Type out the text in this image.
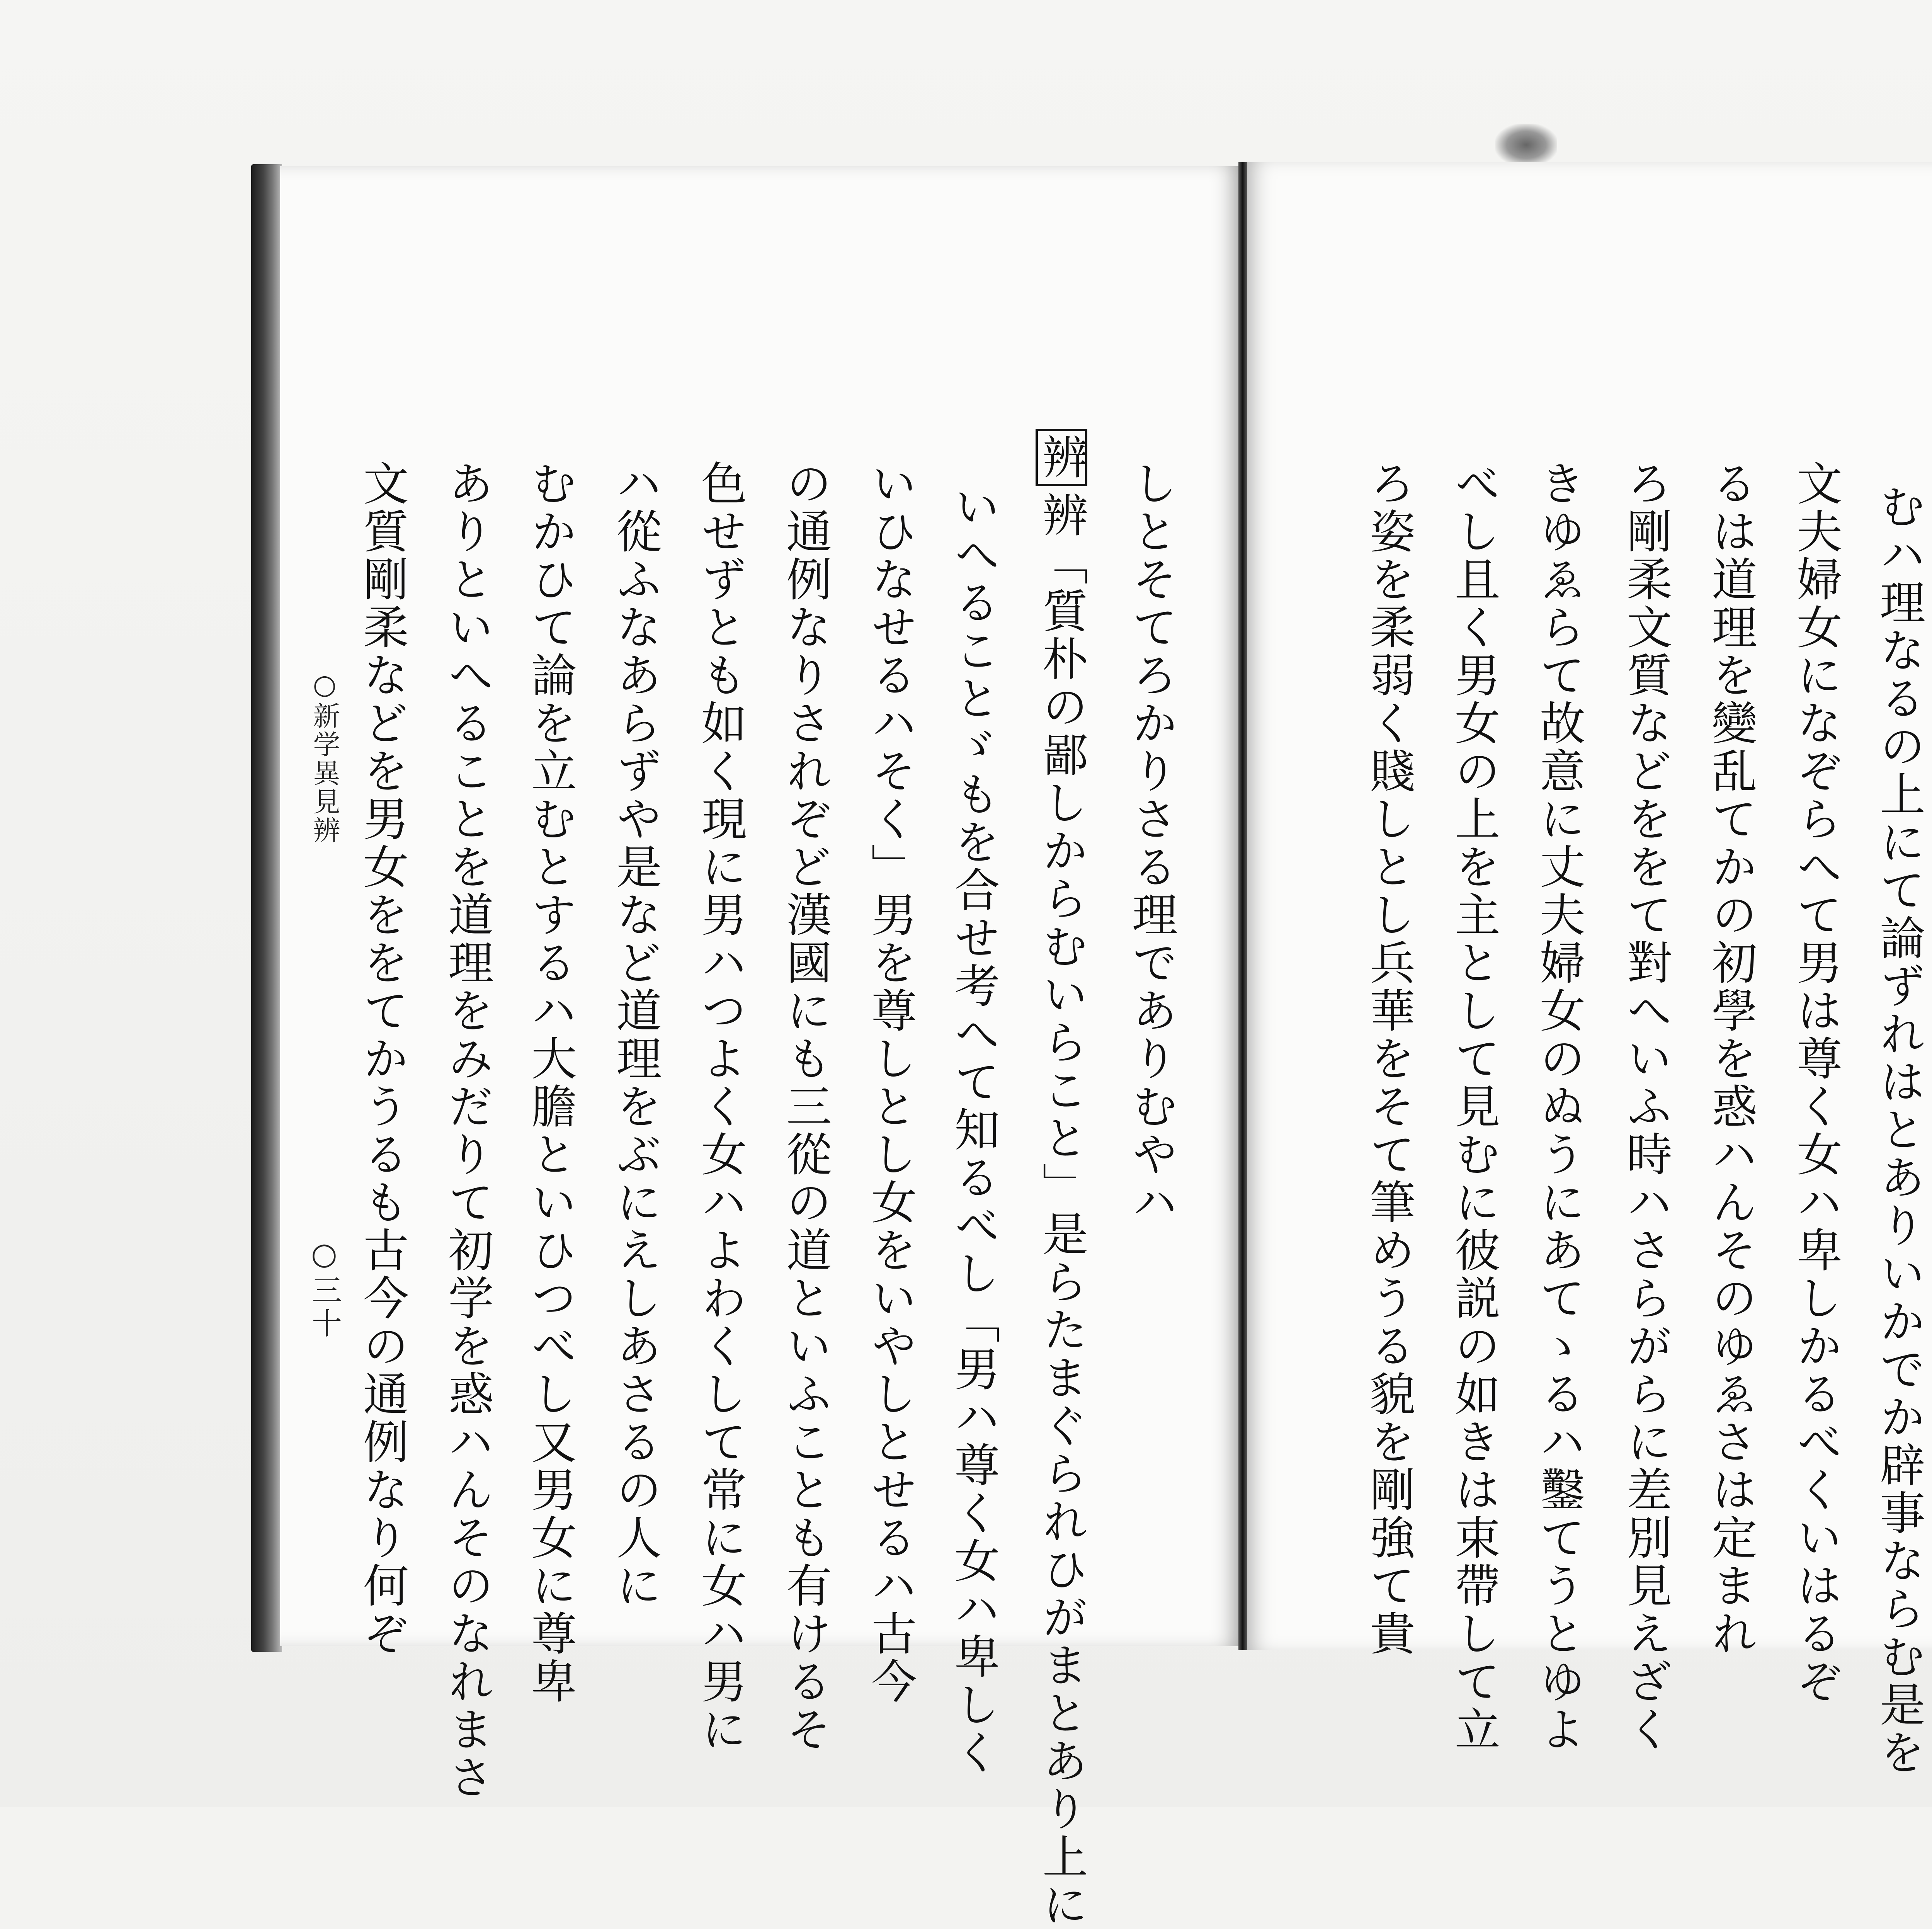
むハ理なるの上にて論ずれはとありいかでか辟事ならむ是を
文夫婦女になぞらへて男は尊く女ハ卑しかるべくいはるぞ
るは道理を變乱てかの初學を惑ハんそのゆゑさは定まれ
ろ剛柔文質などををて對へいふ時ハさらがらに差別見えざく
きゆゑらて故意に丈夫婦女のぬうにあてゝるハ鑿てうとゆよ
べし且く男女の上を主として見むに彼説の如きは束帶して立
ろ姿を柔弱く賤しとし兵華をそて筆めうる貌を剛強て貴
しとそてろかりさる理でありむやハ
辨辨「質朴の鄙しからむいらこと」是らたまぐられひがまとあり上に
いへることゞもを合せ考へて知るべし「男ハ尊く女ハ卑しく
いひなせるハそく」男を尊しとし女をいやしとせるハ古今
の通例なりされぞど漢國にも三從の道といふことも有けるそ
色せずとも如く現に男ハつよく女ハよわくして常に女ハ男に
ハ從ふなあらずや是など道理をぶにえしあさるの人に
むかひて論を立むとするハ大膽といひつべし又男女に尊卑
ありといへることを道理をみだりて初学を惑ハんそのなれまさ
文質剛柔などを男女ををてかうるも古今の通例なり何ぞ
○新学異見辨
○三十
